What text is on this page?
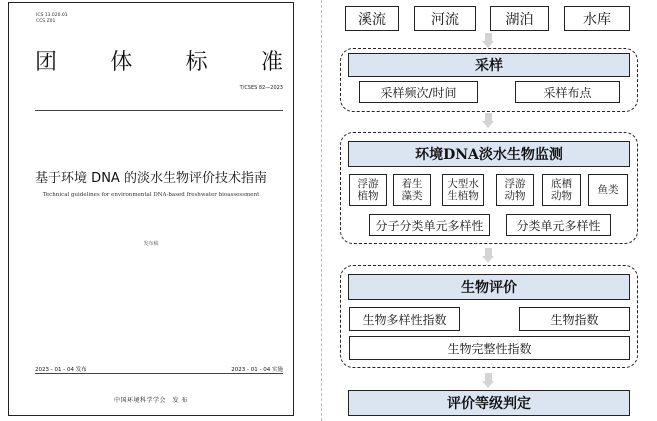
ICS 13.020.01
CCS Z01
团 体 标 准
T/CSES 82—2023
基于环境 DNA 的淡水生物评价技术指南
Technical guidelines for environmental DNA-based freshwater bioassessment
发布稿
2023 - 01 - 04 发布	2023 - 01 - 04 实施
中国环境科学学会　发 布
溪流	河流	湖泊	水库
采样
采样频次/时间	采样布点
环境DNA淡水生物监测
浮游
植物
着生
藻类
大型水
生植物
浮游
动物
底栖
动物 鱼类
分子分类单元多样性	分类单元多样性
生物评价
生物多样性指数	生物指数
生物完整性指数
评价等级判定
